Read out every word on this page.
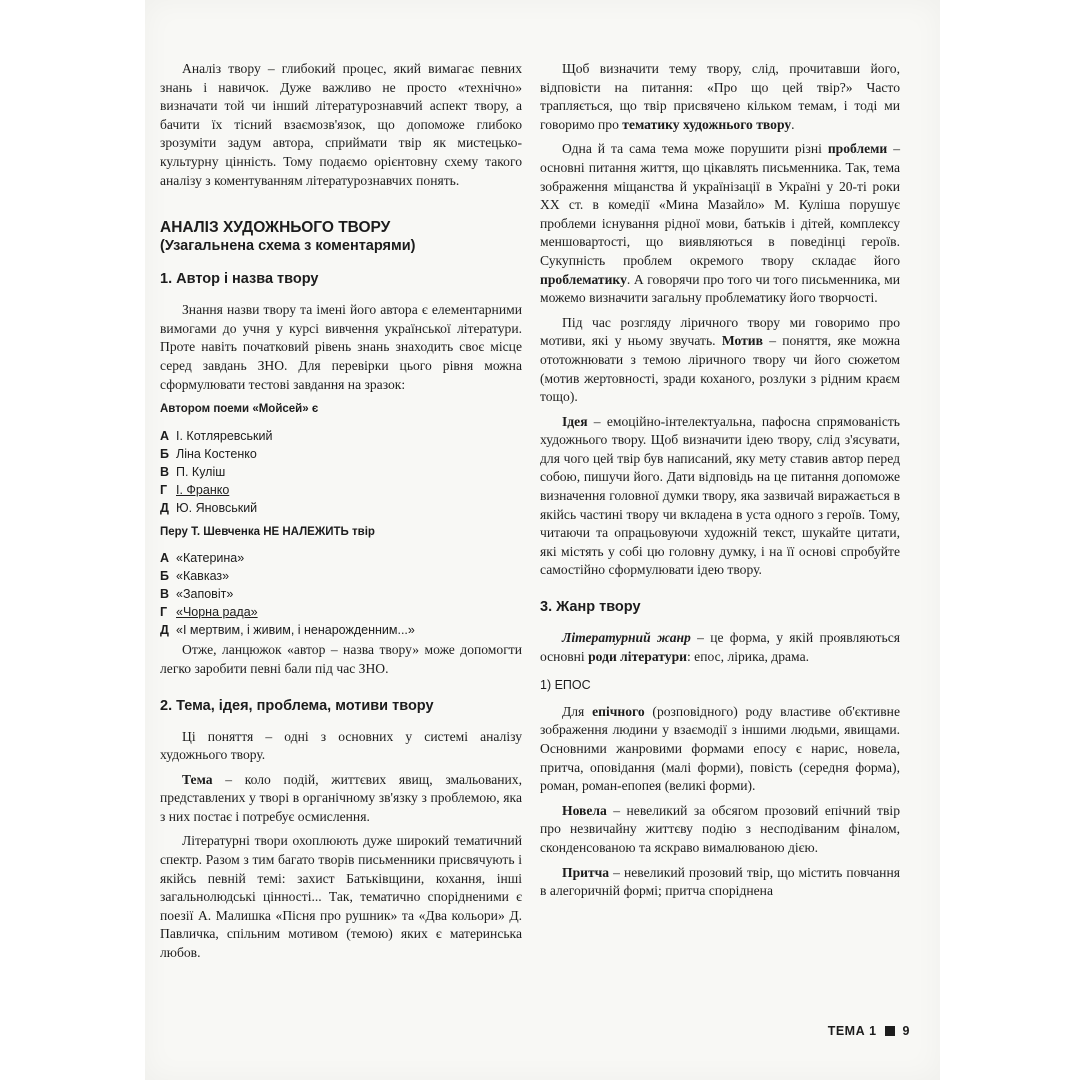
Аналіз твору – глибокий процес, який вимагає певних знань і навичок. Дуже важливо не просто «технічно» визначати той чи інший літературознавчий аспект твору, а бачити їх тісний взаємозв'язок, що допоможе глибоко зрозуміти задум автора, сприймати твір як мистецько-культурну цінність. Тому подаємо орієнтовну схему такого аналізу з коментуванням літературознавчих понять.

АНАЛІЗ ХУДОЖНЬОГО ТВОРУ
(Узагальнена схема з коментарями)
1. Автор і назва твору

Знання назви твору та імені його автора є елементарними вимогами до учня у курсі вивчення української літератури. Проте навіть початковий рівень знань знаходить своє місце серед завдань ЗНО. Для перевірки цього рівня можна сформулювати тестові завдання на зразок:

Автором поеми «Мойсей» є
А І. Котляревський
Б Ліна Костенко
В П. Куліш
Г І. Франко
Д Ю. Яновський
Перу Т. Шевченка НЕ НАЛЕЖИТЬ твір
А «Катерина»
Б «Кавказ»
В «Заповіт»
Г «Чорна рада»
Д «І мертвим, і живим, і ненарожденним...»

Отже, ланцюжок «автор – назва твору» може допомогти легко заробити певні бали під час ЗНО.

2. Тема, ідея, проблема, мотиви твору

Ці поняття – одні з основних у системі аналізу художнього твору.

Тема – коло подій, життєвих явищ, змальованих, представлених у творі в органічному зв'язку з проблемою, яка з них постає і потребує осмислення.

Літературні твори охоплюють дуже широкий тематичний спектр. Разом з тим багато творів письменники присвячують і якійсь певній темі: захист Батьківщини, кохання, інші загальнолюдські цінності... Так, тематично спорідненими є поезії А. Малишка «Пісня про рушник» та «Два кольори» Д. Павличка, спільним мотивом (темою) яких є материнська любов.

Щоб визначити тему твору, слід, прочитавши його, відповісти на питання: «Про що цей твір?» Часто трапляється, що твір присвячено кільком темам, і тоді ми говоримо про тематику художнього твору.

Одна й та сама тема може порушити різні проблеми – основні питання життя, що цікавлять письменника. Так, тема зображення міщанства й українізації в Україні у 20-ті роки ХХ ст. в комедії «Мина Мазайло» М. Куліша порушує проблеми існування рідної мови, батьків і дітей, комплексу меншовартості, що виявляються в поведінці героїв. Сукупність проблем окремого твору складає його проблематику. А говорячи про того чи того письменника, ми можемо визначити загальну проблематику його творчості.

Під час розгляду ліричного твору ми говоримо про мотиви, які у ньому звучать. Мотив – поняття, яке можна ототожнювати з темою ліричного твору чи його сюжетом (мотив жертовності, зради коханого, розлуки з рідним краєм тощо).

Ідея – емоційно-інтелектуальна, пафосна спрямованість художнього твору. Щоб визначити ідею твору, слід з'ясувати, для чого цей твір був написаний, яку мету ставив автор перед собою, пишучи його. Дати відповідь на це питання допоможе визначення головної думки твору, яка зазвичай виражається в якійсь частині твору чи вкладена в уста одного з героїв. Тому, читаючи та опрацьовуючи художній текст, шукайте цитати, які містять у собі цю головну думку, і на її основі спробуйте самостійно сформулювати ідею твору.

3. Жанр твору

Літературний жанр – це форма, у якій проявляються основні роди літератури: епос, лірика, драма.

1) ЕПОС

Для епічного (розповідного) роду властиве об'єктивне зображення людини у взаємодії з іншими людьми, явищами. Основними жанровими формами епосу є нарис, новела, притча, оповідання (малі форми), повість (середня форма), роман, роман-епопея (великі форми).

Новела – невеликий за обсягом прозовий епічний твір про незвичайну життєву подію з несподіваним фіналом, сконденсованою та яскраво вималюваною дією.

Притча – невеликий прозовий твір, що містить повчання в алегоричній формі; притча споріднена

ТЕМА 1 9
